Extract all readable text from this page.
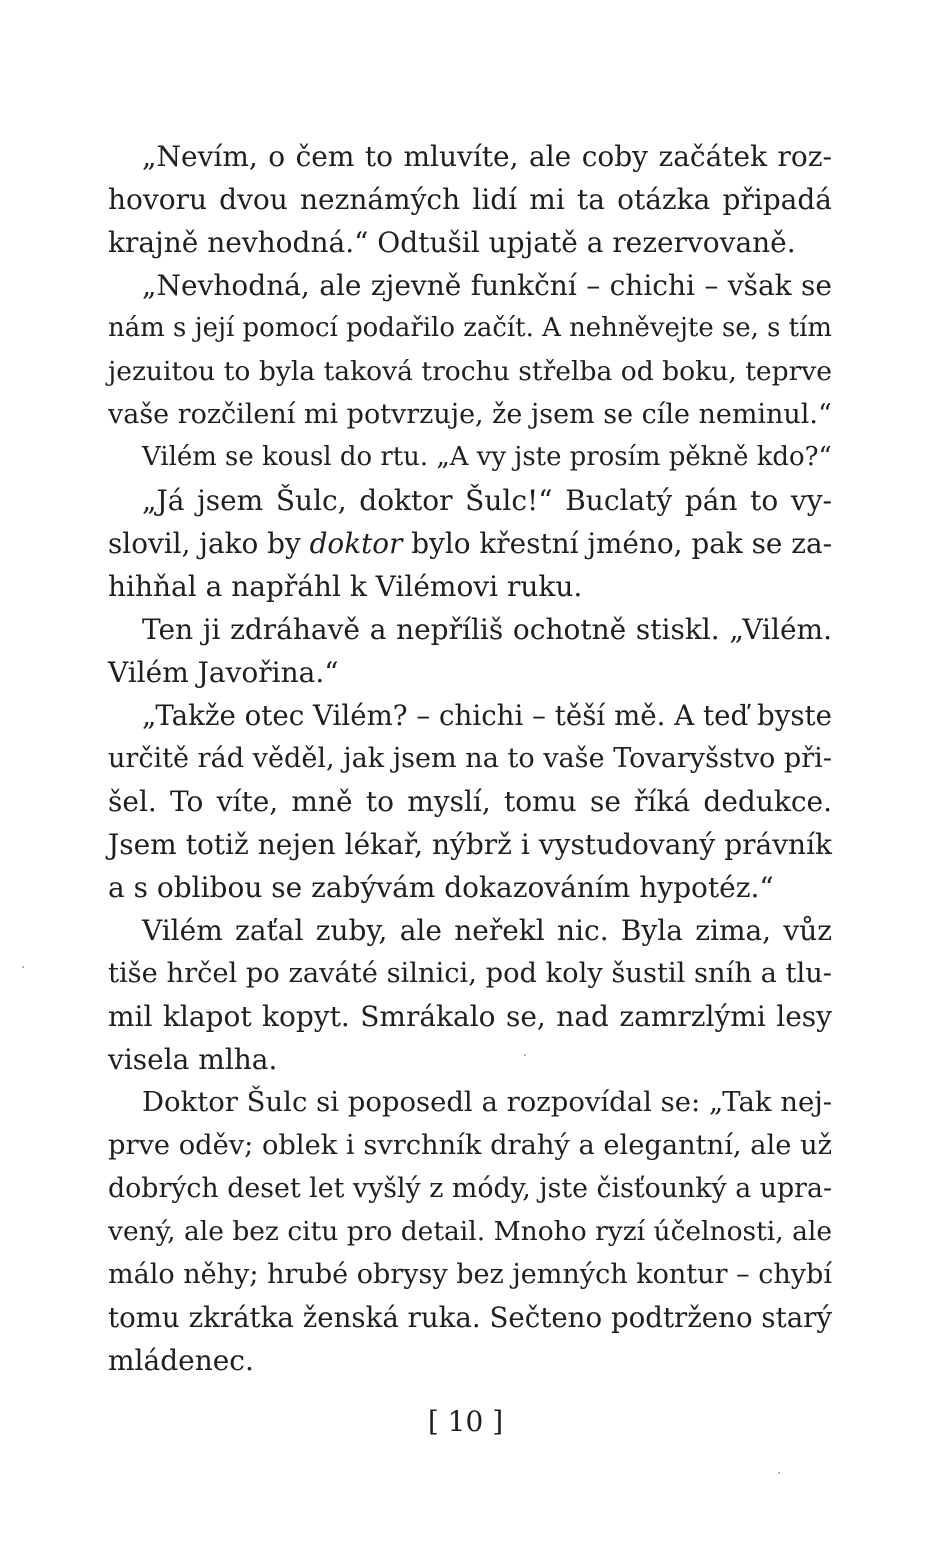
„Nevím, o čem to mluvíte, ale coby začátek roz-
hovoru dvou neznámých lidí mi ta otázka připadá
krajně nevhodná.“ Odtušil upjatě a rezervovaně.
„Nevhodná, ale zjevně funkční – chichi – však se
nám s její pomocí podařilo začít. A nehněvejte se, s tím
jezuitou to byla taková trochu střelba od boku, teprve
vaše rozčilení mi potvrzuje, že jsem se cíle neminul.“
Vilém se kousl do rtu. „A vy jste prosím pěkně kdo?“
„Já jsem Šulc, doktor Šulc!“ Buclatý pán to vy-
slovil, jako by doktor bylo křestní jméno, pak se za-
hihňal a napřáhl k Vilémovi ruku.
Ten ji zdráhavě a nepříliš ochotně stiskl. „Vilém.
Vilém Javořina.“
„Takže otec Vilém? – chichi – těší mě. A teď byste
určitě rád věděl, jak jsem na to vaše Tovaryšstvo při-
šel. To víte, mně to myslí, tomu se říká dedukce.
Jsem totiž nejen lékař, nýbrž i vystudovaný právník
a s oblibou se zabývám dokazováním hypotéz.“
Vilém zaťal zuby, ale neřekl nic. Byla zima, vůz
tiše hrčel po zaváté silnici, pod koly šustil sníh a tlu-
mil klapot kopyt. Smrákalo se, nad zamrzlými lesy
visela mlha.
Doktor Šulc si poposedl a rozpovídal se: „Tak nej-
prve oděv; oblek i svrchník drahý a elegantní, ale už
dobrých deset let vyšlý z módy, jste čisťounký a upra-
vený, ale bez citu pro detail. Mnoho ryzí účelnosti, ale
málo něhy; hrubé obrysy bez jemných kontur – chybí
tomu zkrátka ženská ruka. Sečteno podtrženo starý
mládenec.
[ 10 ]
